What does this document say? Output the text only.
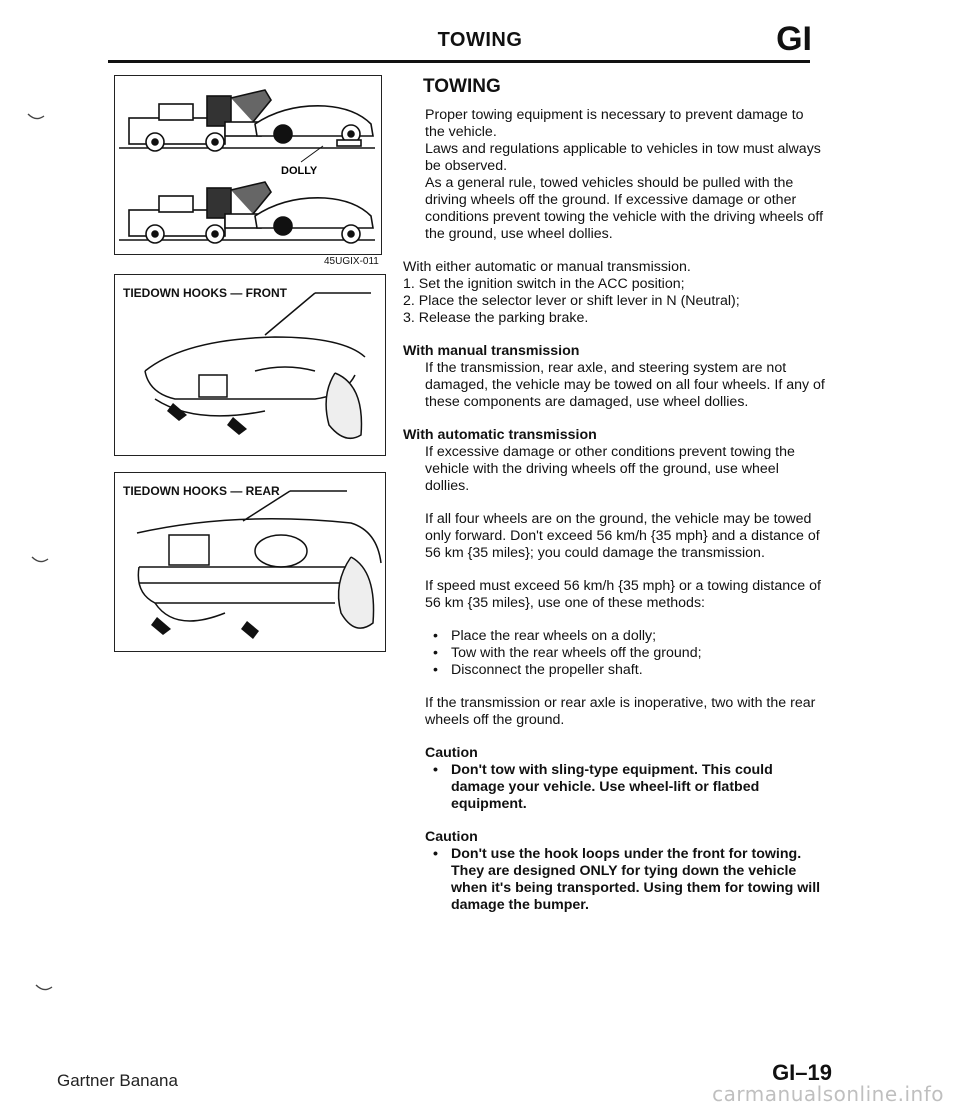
TOWING	GI
DOLLY
45UGIX-011
TIEDOWN HOOKS — FRONT
TIEDOWN HOOKS — REAR

TOWING

Proper towing equipment is necessary to prevent damage to the vehicle.

Laws and regulations applicable to vehicles in tow must always be observed.

As a general rule, towed vehicles should be pulled with the driving wheels off the ground. If excessive damage or other conditions prevent towing the vehicle with the driving wheels off the ground, use wheel dollies.

With either automatic or manual transmission.

1. Set the ignition switch in the ACC position;

2. Place the selector lever or shift lever in N (Neutral);

3. Release the parking brake.

With manual transmission

If the transmission, rear axle, and steering system are not damaged, the vehicle may be towed on all four wheels. If any of these components are damaged, use wheel dollies.

With automatic transmission

If excessive damage or other conditions prevent towing the vehicle with the driving wheels off the ground, use wheel dollies.

If all four wheels are on the ground, the vehicle may be towed only forward. Don't exceed 56 km/h {35 mph} and a distance of 56 km {35 miles}; you could damage the transmission.

If speed must exceed 56 km/h {35 mph} or a towing distance of 56 km {35 miles}, use one of these methods:

• Place the rear wheels on a dolly;
• Tow with the rear wheels off the ground;
• Disconnect the propeller shaft.

If the transmission or rear axle is inoperative, two with the rear wheels off the ground.

Caution

• Don't tow with sling-type equipment. This could damage your vehicle. Use wheel-lift or flatbed equipment.

Caution

• Don't use the hook loops under the front for towing. They are designed ONLY for tying down the vehicle when it's being transported. Using them for towing will damage the bumper.
Gartner Banana	GI–19
carmanualsonline.info
